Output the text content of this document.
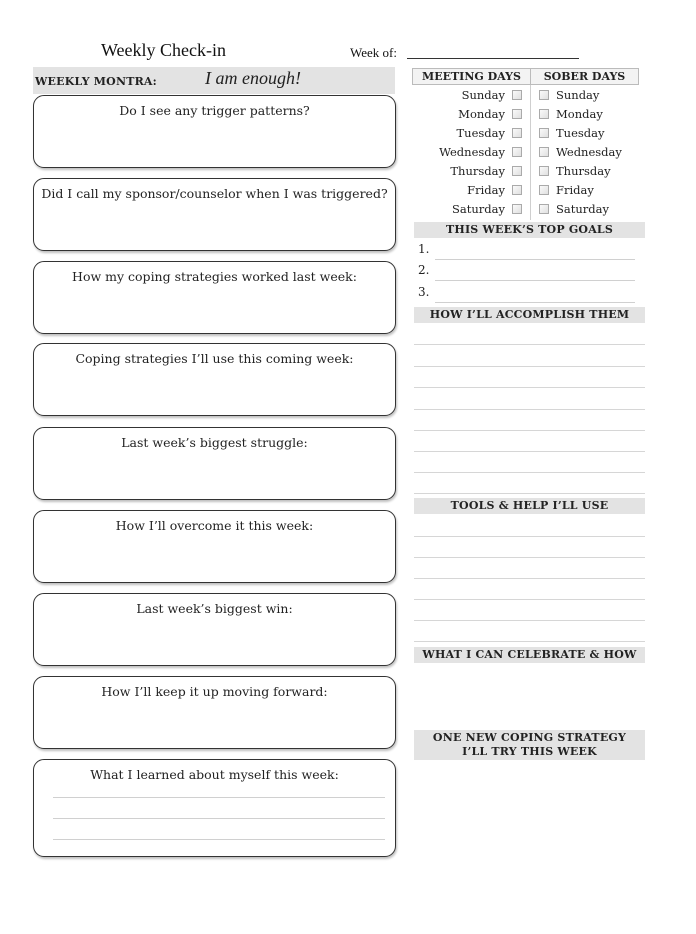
Weekly Check-in	Week of:
WEEKLY MONTRA:	I am enough!
Do I see any trigger patterns?
Did I call my sponsor/counselor when I was triggered?
How my coping strategies worked last week:
Coping strategies I’ll use this coming week:
Last week’s biggest struggle:
How I’ll overcome it this week:
Last week’s biggest win:
How I’ll keep it up moving forward:
What I learned about myself this week:
MEETING DAYS	SOBER DAYS
Sunday	Sunday
Monday	Monday
Tuesday	Tuesday
Wednesday	Wednesday
Thursday	Thursday
Friday	Friday
Saturday	Saturday
THIS WEEK’S TOP GOALS
1.
2.
3.
HOW I’LL ACCOMPLISH THEM
TOOLS & HELP I’LL USE
WHAT I CAN CELEBRATE & HOW
ONE NEW COPING STRATEGY
I’LL TRY THIS WEEK
